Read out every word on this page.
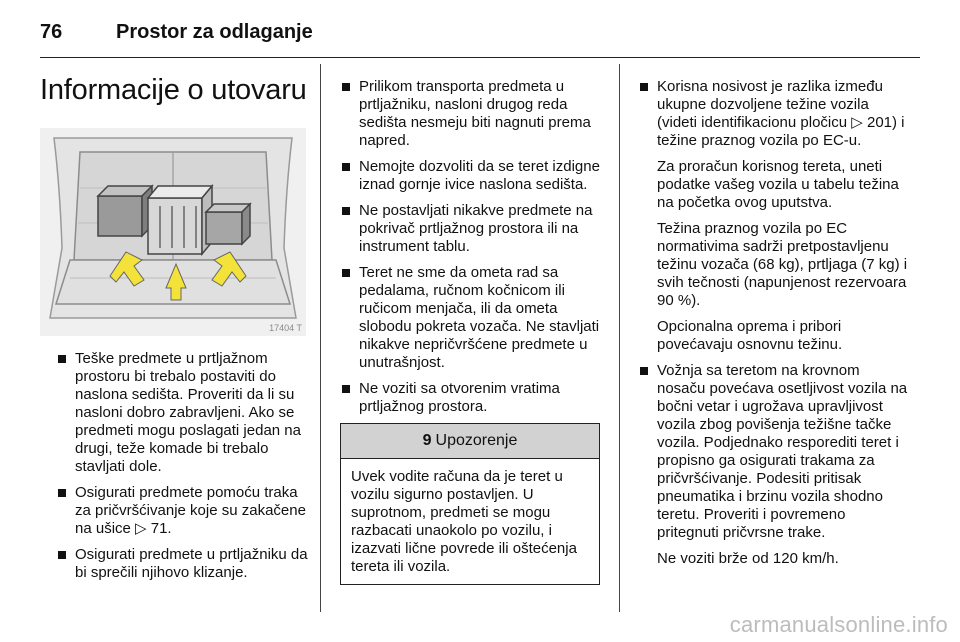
76	Prostor za odlaganje
Informacije o utovaru
17404 T
Teške predmete u prtljažnom prostoru bi trebalo postaviti do naslona sedišta. Proveriti da li su nasloni dobro zabravljeni. Ako se predmeti mogu poslagati jedan na drugi, teže komade bi trebalo stavljati dole.
Osigurati predmete pomoću traka za pričvršćivanje koje su zakačene na ušice ▷ 71.
Osigurati predmete u prtljažniku da bi sprečili njihovo klizanje.
Prilikom transporta predmeta u prtljažniku, nasloni drugog reda sedišta nesmeju biti nagnuti prema napred.
Nemojte dozvoliti da se teret izdigne iznad gornje ivice naslona sedišta.
Ne postavljati nikakve predmete na pokrivač prtljažnog prostora ili na instrument tablu.
Teret ne sme da ometa rad sa pedalama, ručnom kočnicom ili ručicom menjača, ili da ometa slobodu pokreta vozača. Ne stavljati nikakve nepričvršćene predmete u unutrašnjost.
Ne voziti sa otvorenim vratima prtljažnog prostora.
9 Upozorenje
Uvek vodite računa da je teret u vozilu sigurno postavljen. U suprotnom, predmeti se mogu razbacati unaokolo po vozilu, i izazvati lične povrede ili oštećenja tereta ili vozila.
Korisna nosivost je razlika između ukupne dozvoljene težine vozila (videti identifikacionu pločicu ▷ 201) i težine praznog vozila po EC-u.

Za proračun korisnog tereta, uneti podatke vašeg vozila u tabelu težina na početka ovog uputstva.

Težina praznog vozila po EC normativima sadrži pretpostavljenu težinu vozača (68 kg), prtljaga (7 kg) i svih tečnosti (napunjenost rezervoara 90 %).

Opcionalna oprema i pribori povećavaju osnovnu težinu.

Vožnja sa teretom na krovnom nosaču povećava osetljivost vozila na bočni vetar i ugrožava upravljivost vozila zbog povišenja težišne tačke vozila. Podjednako resporediti teret i propisno ga osigurati trakama za pričvršćivanje. Podesiti pritisak pneumatika i brzinu vozila shodno teretu. Proveriti i povremeno pritegnuti pričvrsne trake.

Ne voziti brže od 120 km/h.

carmanualsonline.info
